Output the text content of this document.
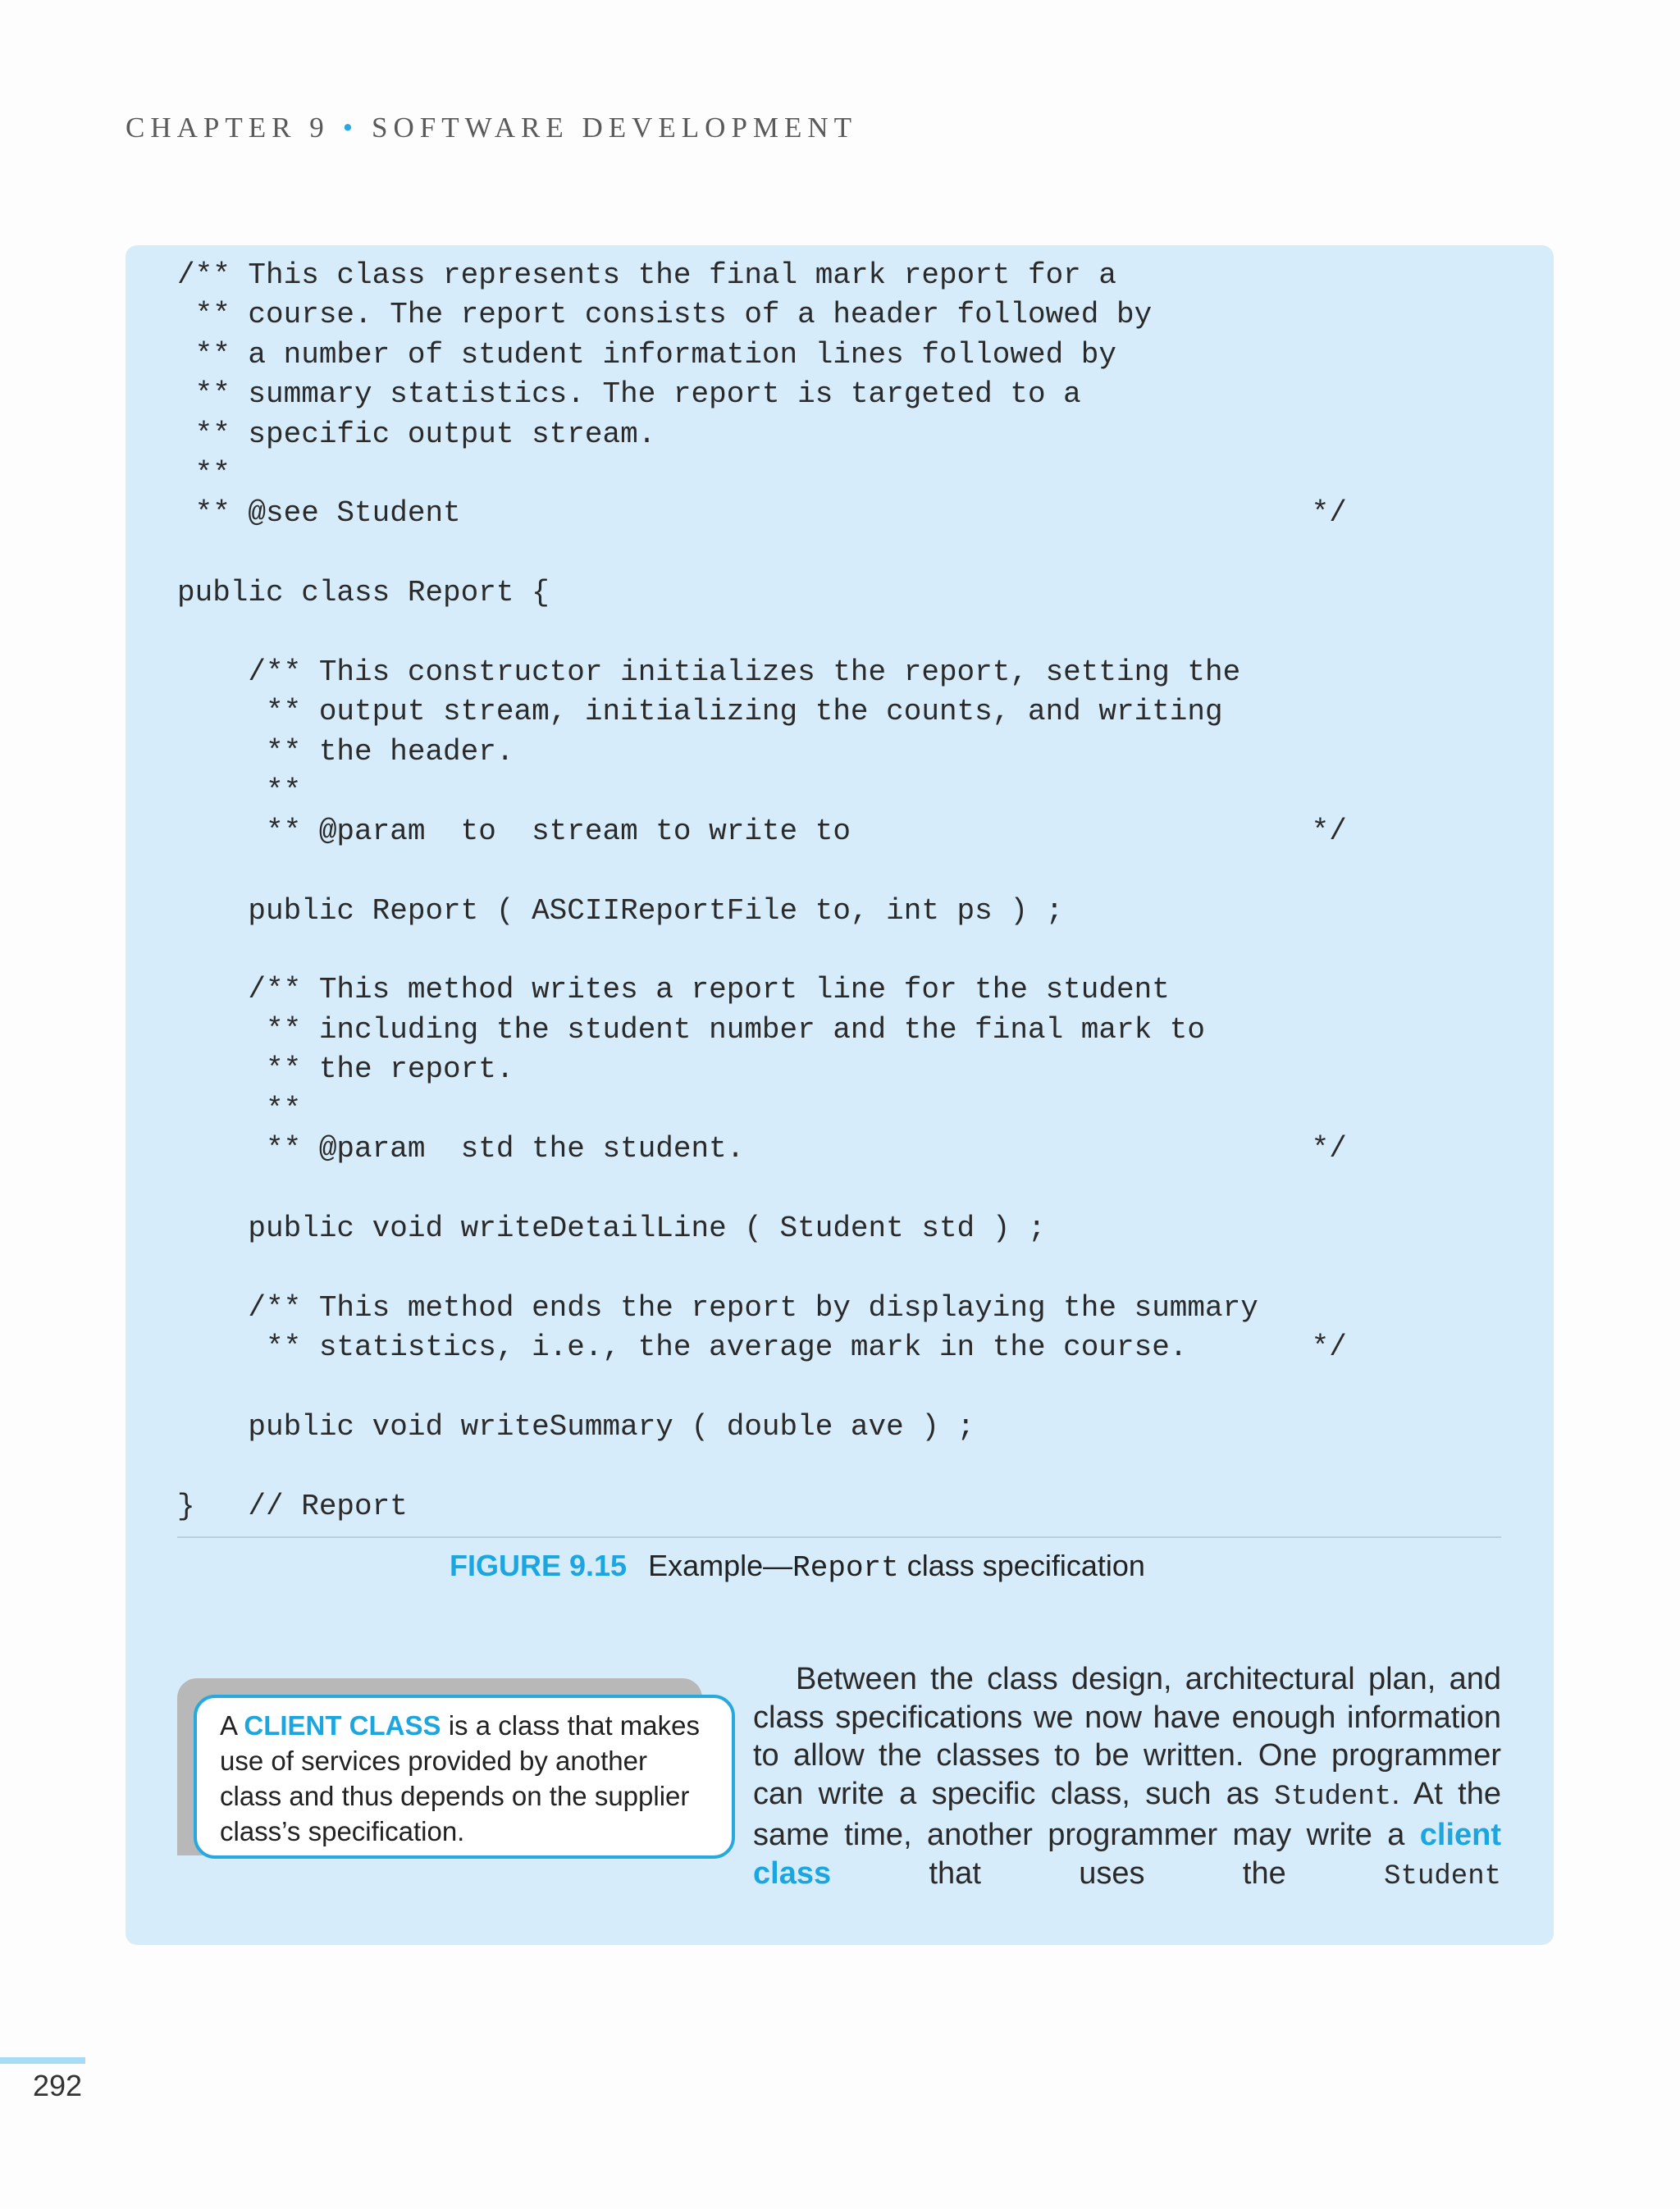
CHAPTER 9 • SOFTWARE DEVELOPMENT
/** This class represents the final mark report for a
** course. The report consists of a header followed by
** a number of student information lines followed by
** summary statistics. The report is targeted to a
** specific output stream.
**
** @see Student                                                */

public class Report {

/** This constructor initializes the report, setting the
** output stream, initializing the counts, and writing
** the header.
**
** @param  to  stream to write to                          */

public Report ( ASCIIReportFile to, int ps ) ;

/** This method writes a report line for the student
** including the student number and the final mark to
** the report.
**
** @param  std the student.                                */

public void writeDetailLine ( Student std ) ;

/** This method ends the report by displaying the summary
** statistics, i.e., the average mark in the course.       */

public void writeSummary ( double ave ) ;

}   // Report
FIGURE 9.15 Example—Report class specification
A CLIENT CLASS is a class that makes use of services provided by another class and thus depends on the supplier class’s specification.
Between the class design, architectural plan, and class specifications we now have enough information to allow the classes to be written. One programmer can write a specific class, such as Student. At the same time, another programmer may write a client class that uses the Student
292
